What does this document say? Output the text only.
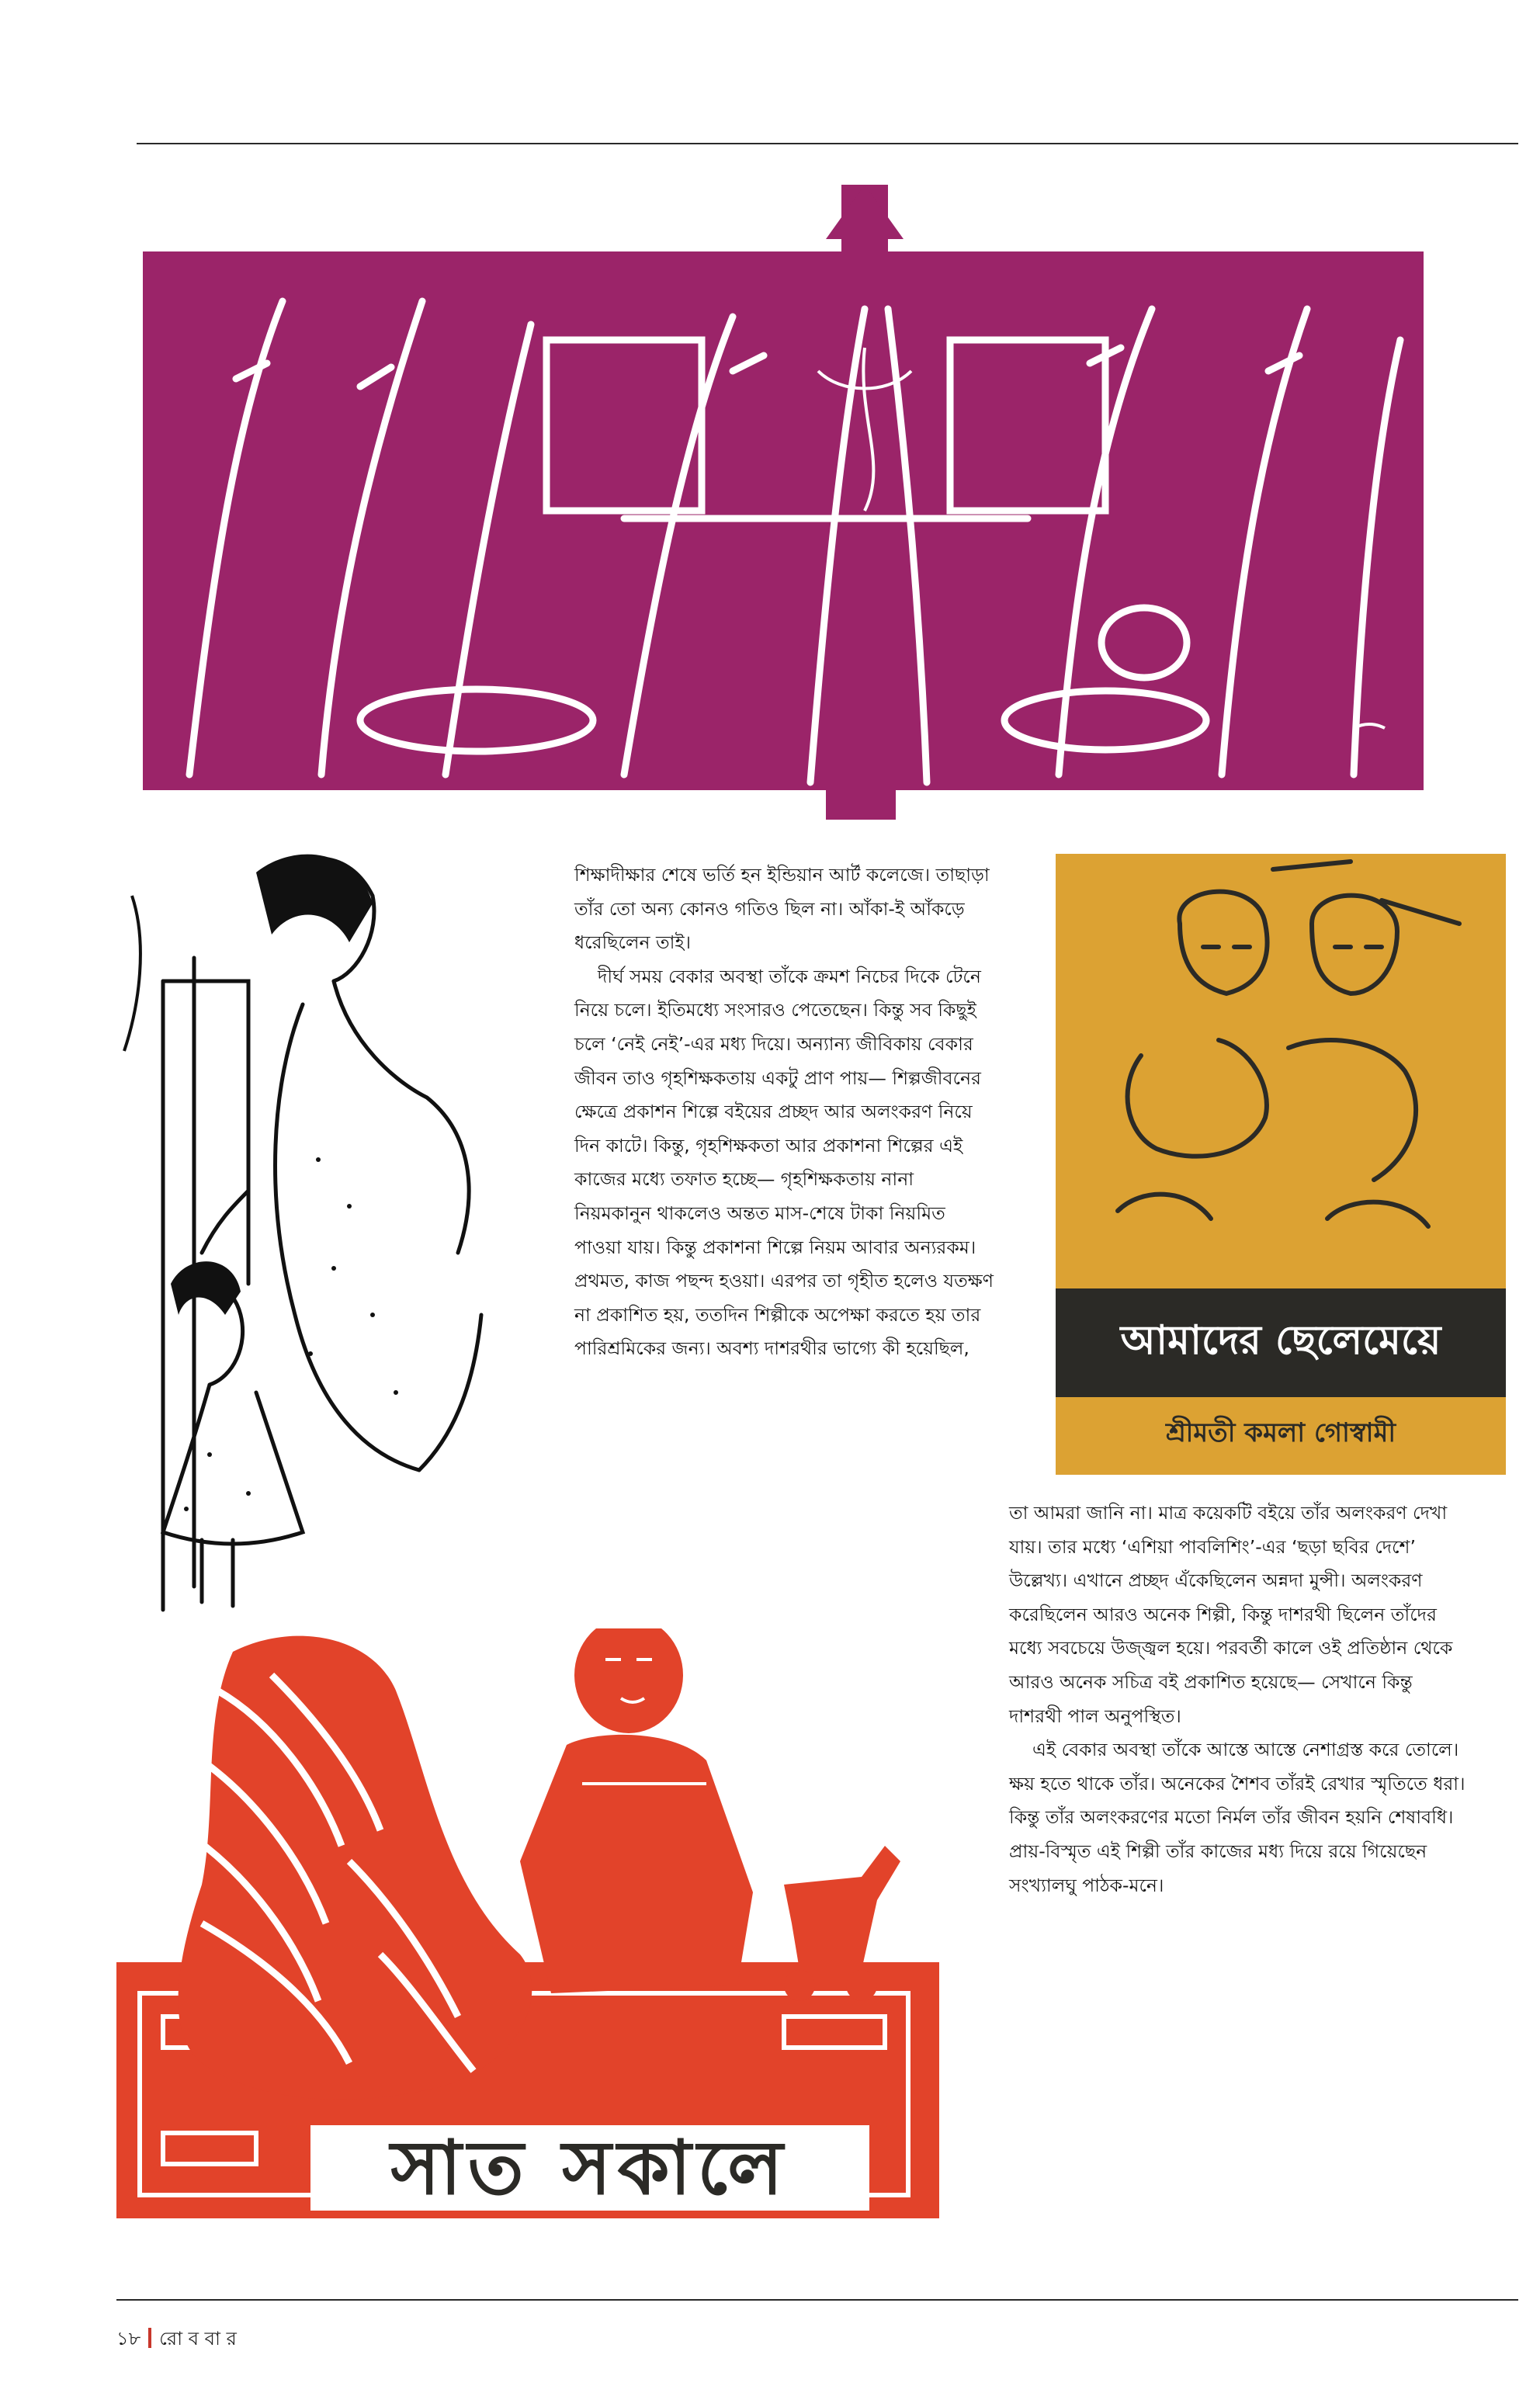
শিক্ষাদীক্ষার শেষে ভর্তি হন ইন্ডিয়ান আর্ট কলেজে। তাছাড়া তাঁর তো অন্য কোনও গতিও ছিল না। আঁকা-ই আঁকড়ে ধরেছিলেন তাই।

দীর্ঘ সময় বেকার অবস্থা তাঁকে ক্রমশ নিচের দিকে টেনে নিয়ে চলে। ইতিমধ্যে সংসারও পেতেছেন। কিন্তু সব কিছুই চলে ‘নেই নেই’-এর মধ্য দিয়ে। অন্যান্য জীবিকায় বেকার জীবন তাও গৃহশিক্ষকতায় একটু প্রাণ পায়— শিল্পজীবনের ক্ষেত্রে প্রকাশন শিল্পে বইয়ের প্রচ্ছদ আর অলংকরণ নিয়ে দিন কাটে। কিন্তু, গৃহশিক্ষকতা আর প্রকাশনা শিল্পের এই কাজের মধ্যে তফাত হচ্ছে— গৃহশিক্ষকতায় নানা নিয়মকানুন থাকলেও অন্তত মাস-শেষে টাকা নিয়মিত পাওয়া যায়। কিন্তু প্রকাশনা শিল্পে নিয়ম আবার অন্যরকম। প্রথমত, কাজ পছন্দ হওয়া। এরপর তা গৃহীত হলেও যতক্ষণ না প্রকাশিত হয়, ততদিন শিল্পীকে অপেক্ষা করতে হয় তার পারিশ্রমিকের জন্য। অবশ্য দাশরথীর ভাগ্যে কী হয়েছিল,	আমাদের ছেলেমেয়ে
শ্রীমতী কমলা গোস্বামী

তা আমরা জানি না। মাত্র কয়েকটি বইয়ে তাঁর অলংকরণ দেখা যায়। তার মধ্যে ‘এশিয়া পাবলিশিং’-এর ‘ছড়া ছবির দেশে’ উল্লেখ্য। এখানে প্রচ্ছদ এঁকেছিলেন অন্নদা মুন্সী। অলংকরণ করেছিলেন আরও অনেক শিল্পী, কিন্তু দাশরথী ছিলেন তাঁদের মধ্যে সবচেয়ে উজ্জ্বল হয়ে। পরবর্তী কালে ওই প্রতিষ্ঠান থেকে আরও অনেক সচিত্র বই প্রকাশিত হয়েছে— সেখানে কিন্তু দাশরথী পাল অনুপস্থিত।

এই বেকার অবস্থা তাঁকে আস্তে আস্তে নেশাগ্রস্ত করে তোলে। ক্ষয় হতে থাকে তাঁর। অনেকের শৈশব তাঁরই রেখার স্মৃতিতে ধরা। কিন্তু তাঁর অলংকরণের মতো নির্মল তাঁর জীবন হয়নি শেষাবধি। প্রায়-বিস্মৃত এই শিল্পী তাঁর কাজের মধ্য দিয়ে রয়ে গিয়েছেন সংখ্যালঘু পাঠক-মনে।

সাত সকালে
১৮ রো ব বা র
